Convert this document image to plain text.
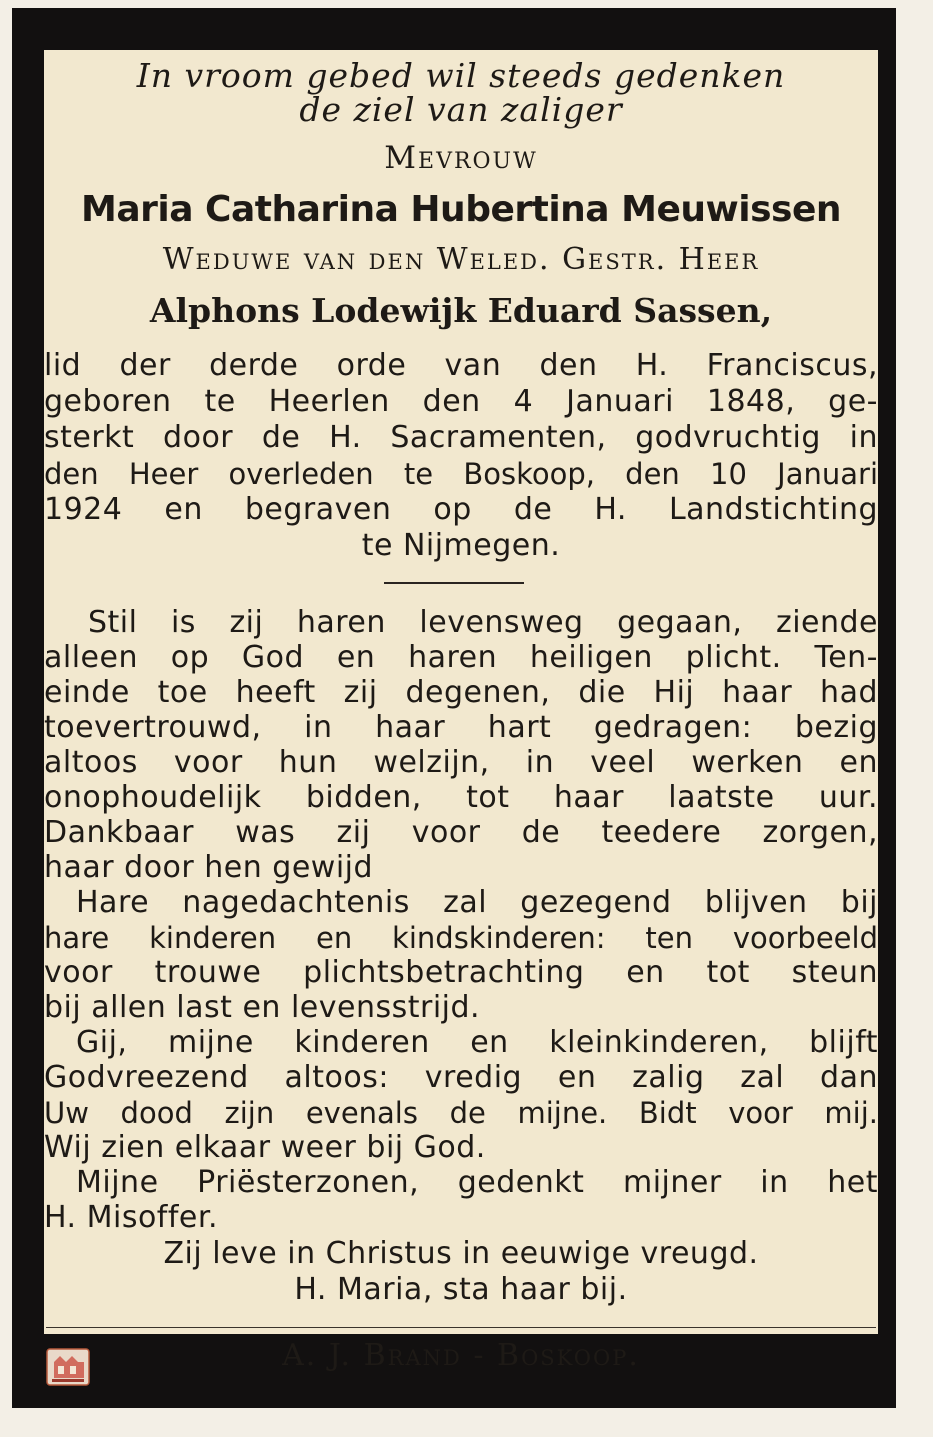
In vroom gebed wil steeds gedenken

de ziel van zaliger

Mevrouw

Maria Catharina Hubertina Meuwissen

Weduwe van den Weled. Gestr. Heer

Alphons Lodewijk Eduard Sassen,

lid der derde orde van den H. Franciscus,

geboren te Heerlen den 4 Januari 1848, ge-

sterkt door de H. Sacramenten, godvruchtig in

den Heer overleden te Boskoop, den 10 Januari

1924 en begraven op de H. Landstichting

te Nijmegen.

Stil is zij haren levensweg gegaan, ziende

alleen op God en haren heiligen plicht. Ten-

einde toe heeft zij degenen, die Hij haar had

toevertrouwd, in haar hart gedragen: bezig

altoos voor hun welzijn, in veel werken en

onophoudelijk bidden, tot haar laatste uur.

Dankbaar was zij voor de teedere zorgen,

haar door hen gewijd

Hare nagedachtenis zal gezegend blijven bij

hare kinderen en kindskinderen: ten voorbeeld

voor trouwe plichtsbetrachting en tot steun

bij allen last en levensstrijd.

Gij, mijne kinderen en kleinkinderen, blijft

Godvreezend altoos: vredig en zalig zal dan

Uw dood zijn evenals de mijne. Bidt voor mij.

Wij zien elkaar weer bij God.

Mijne Priësterzonen, gedenkt mijner in het

H. Misoffer.

Zij leve in Christus in eeuwige vreugd.

H. Maria, sta haar bij.

A. J. Brand - Boskoop.
